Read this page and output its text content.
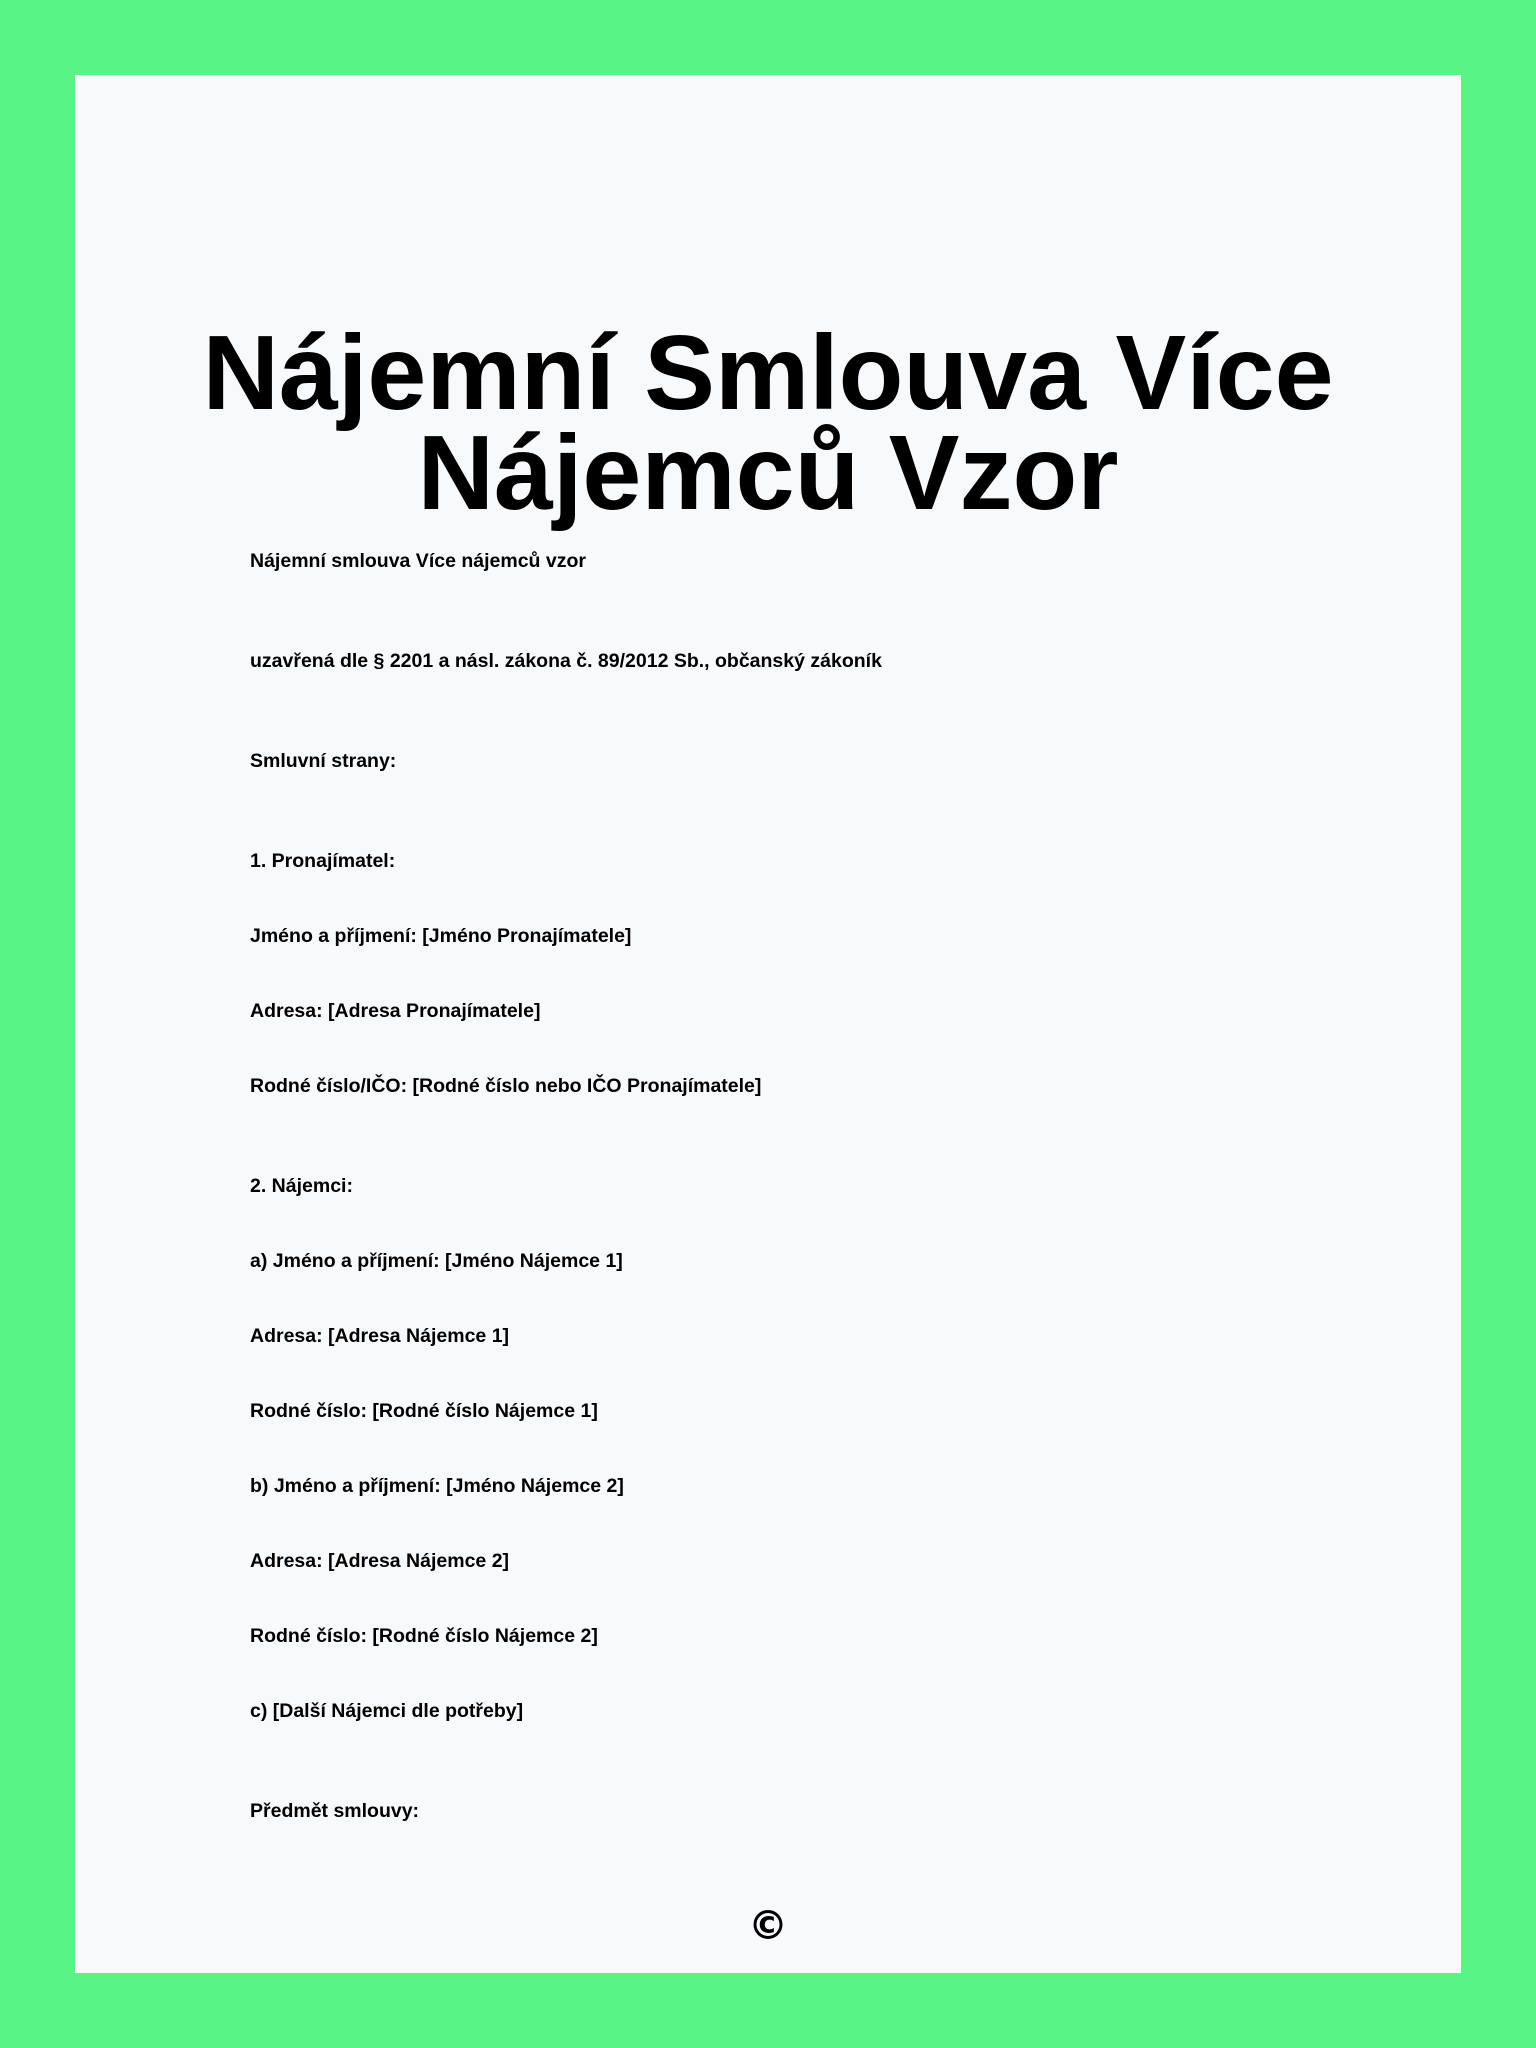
Nájemní Smlouva Více
Nájemců Vzor

Nájemní smlouva Více nájemců vzor

uzavřená dle § 2201 a násl. zákona č. 89/2012 Sb., občanský zákoník

Smluvní strany:

1. Pronajímatel:

Jméno a příjmení: [Jméno Pronajímatele]

Adresa: [Adresa Pronajímatele]

Rodné číslo/IČO: [Rodné číslo nebo IČO Pronajímatele]

2. Nájemci:

a) Jméno a příjmení: [Jméno Nájemce 1]

Adresa: [Adresa Nájemce 1]

Rodné číslo: [Rodné číslo Nájemce 1]

b) Jméno a příjmení: [Jméno Nájemce 2]

Adresa: [Adresa Nájemce 2]

Rodné číslo: [Rodné číslo Nájemce 2]

c) [Další Nájemci dle potřeby]

Předmět smlouvy:

©
